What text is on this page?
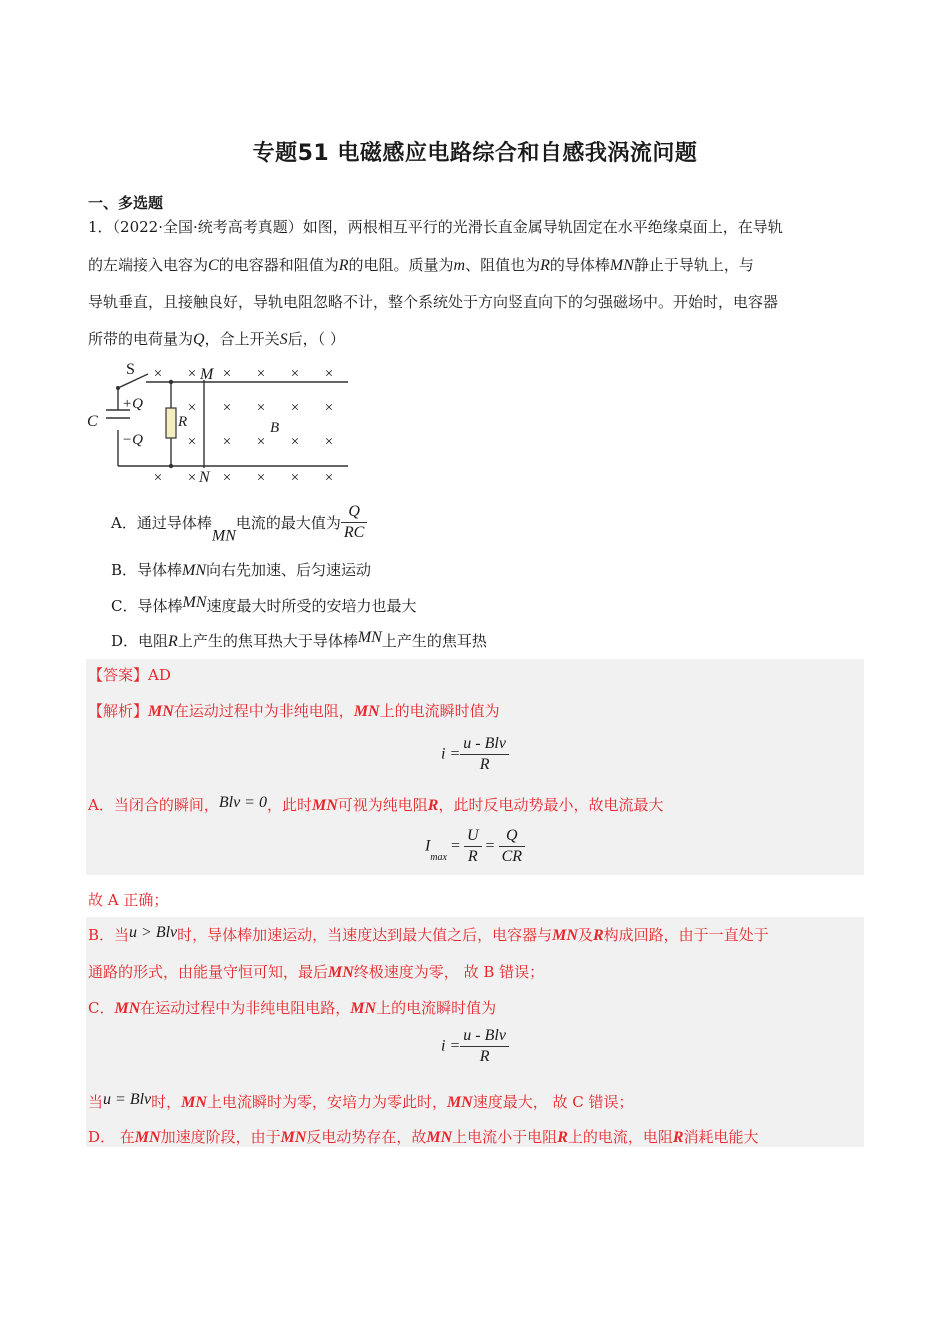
专题51 电磁感应电路综合和自感我涡流问题
一、多选题
1．（2022·全国·统考高考真题）如图，两根相互平行的光滑长直金属导轨固定在水平绝缘桌面上，在导轨
的左端接入电容为C的电容器和阻值为R的电阻。质量为m、阻值也为R的导体棒MN静止于导轨上，与
导轨垂直，且接触良好，导轨电阻忽略不计，整个系统处于方向竖直向下的匀强磁场中。开始时，电容器
所带的电荷量为Q，合上开关S后，（ ）
S
C
+Q
−Q
R
M
N
B
× × × × × ×
× × × × ×
× × × × ×
× × × × × ×
A．通过导体棒MN电流的最大值为 $\frac{Q}{RC}$
B．导体棒MN向右先加速、后匀速运动
C．导体棒MN速度最大时所受的安培力也最大
D．电阻R上产生的焦耳热大于导体棒MN上产生的焦耳热
【答案】AD
【解析】MN在运动过程中为非纯电阻，MN上的电流瞬时值为
$i = \frac{\text{u - Blv}}{R}$
A．当闭合的瞬间，Blv = 0，此时MN可视为纯电阻R，此时反电动势最小，故电流最大
$I_{max} = \frac{U}{R} = \frac{Q}{CR}$
故 A 正确；
B．当u > Blv时，导体棒加速运动，当速度达到最大值之后，电容器与MN及R构成回路，由于一直处于
通路的形式，由能量守恒可知，最后MN终极速度为零， 故 B 错误；
C．MN在运动过程中为非纯电阻电路，MN上的电流瞬时值为
$i = \frac{\text{u - Blv}}{R}$
当u = Blv时，MN上电流瞬时为零，安培力为零此时，MN速度最大， 故 C 错误；
D． 在MN加速度阶段，由于MN反电动势存在，故MN上电流小于电阻R上的电流，电阻R消耗电能大
